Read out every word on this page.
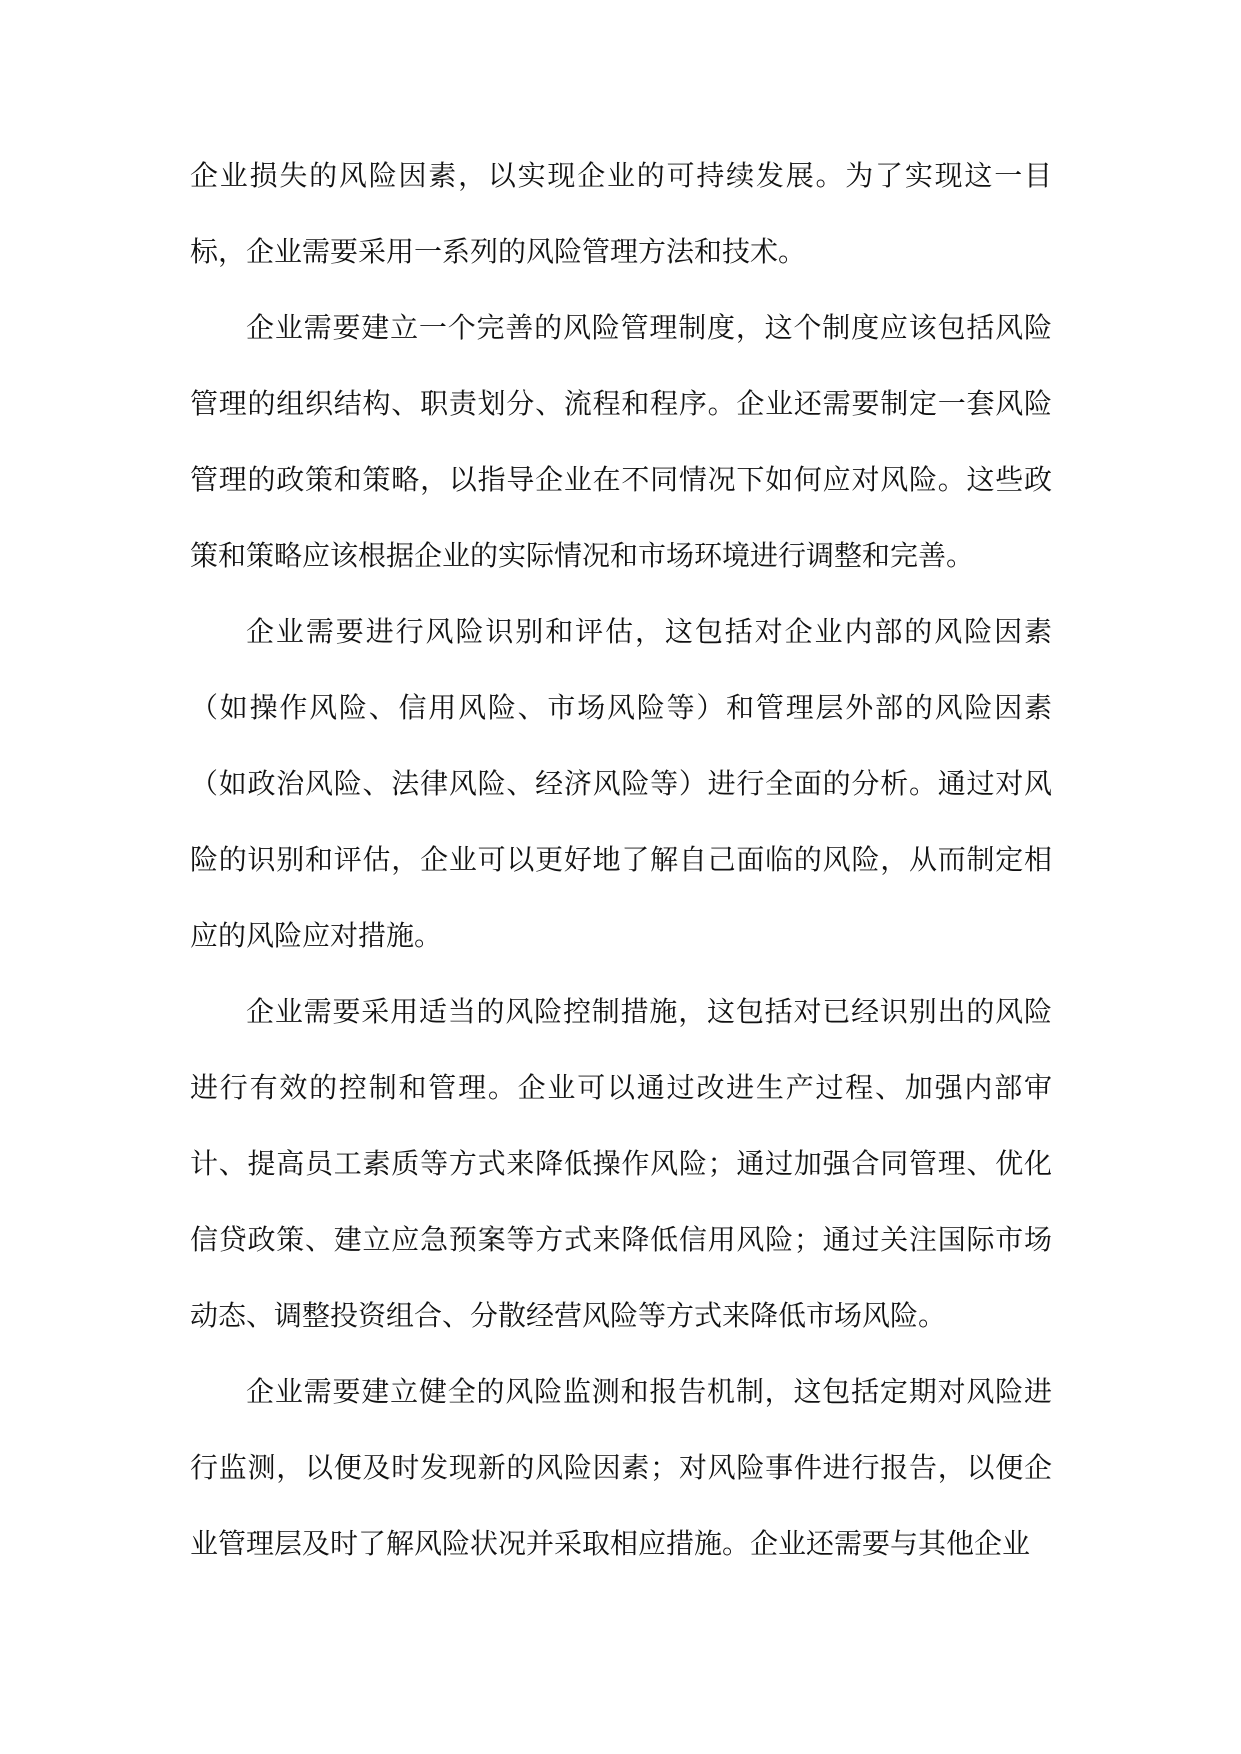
企业损失的风险因素，以实现企业的可持续发展。为了实现这一目标，企业需要采用一系列的风险管理方法和技术。

企业需要建立一个完善的风险管理制度，这个制度应该包括风险管理的组织结构、职责划分、流程和程序。企业还需要制定一套风险管理的政策和策略，以指导企业在不同情况下如何应对风险。这些政策和策略应该根据企业的实际情况和市场环境进行调整和完善。

企业需要进行风险识别和评估，这包括对企业内部的风险因素（如操作风险、信用风险、市场风险等）和管理层外部的风险因素（如政治风险、法律风险、经济风险等）进行全面的分析。通过对风险的识别和评估，企业可以更好地了解自己面临的风险，从而制定相应的风险应对措施。

企业需要采用适当的风险控制措施，这包括对已经识别出的风险进行有效的控制和管理。企业可以通过改进生产过程、加强内部审计、提高员工素质等方式来降低操作风险；通过加强合同管理、优化信贷政策、建立应急预案等方式来降低信用风险；通过关注国际市场动态、调整投资组合、分散经营风险等方式来降低市场风险。

企业需要建立健全的风险监测和报告机制，这包括定期对风险进行监测，以便及时发现新的风险因素；对风险事件进行报告，以便企业管理层及时了解风险状况并采取相应措施。企业还需要与其他企业
